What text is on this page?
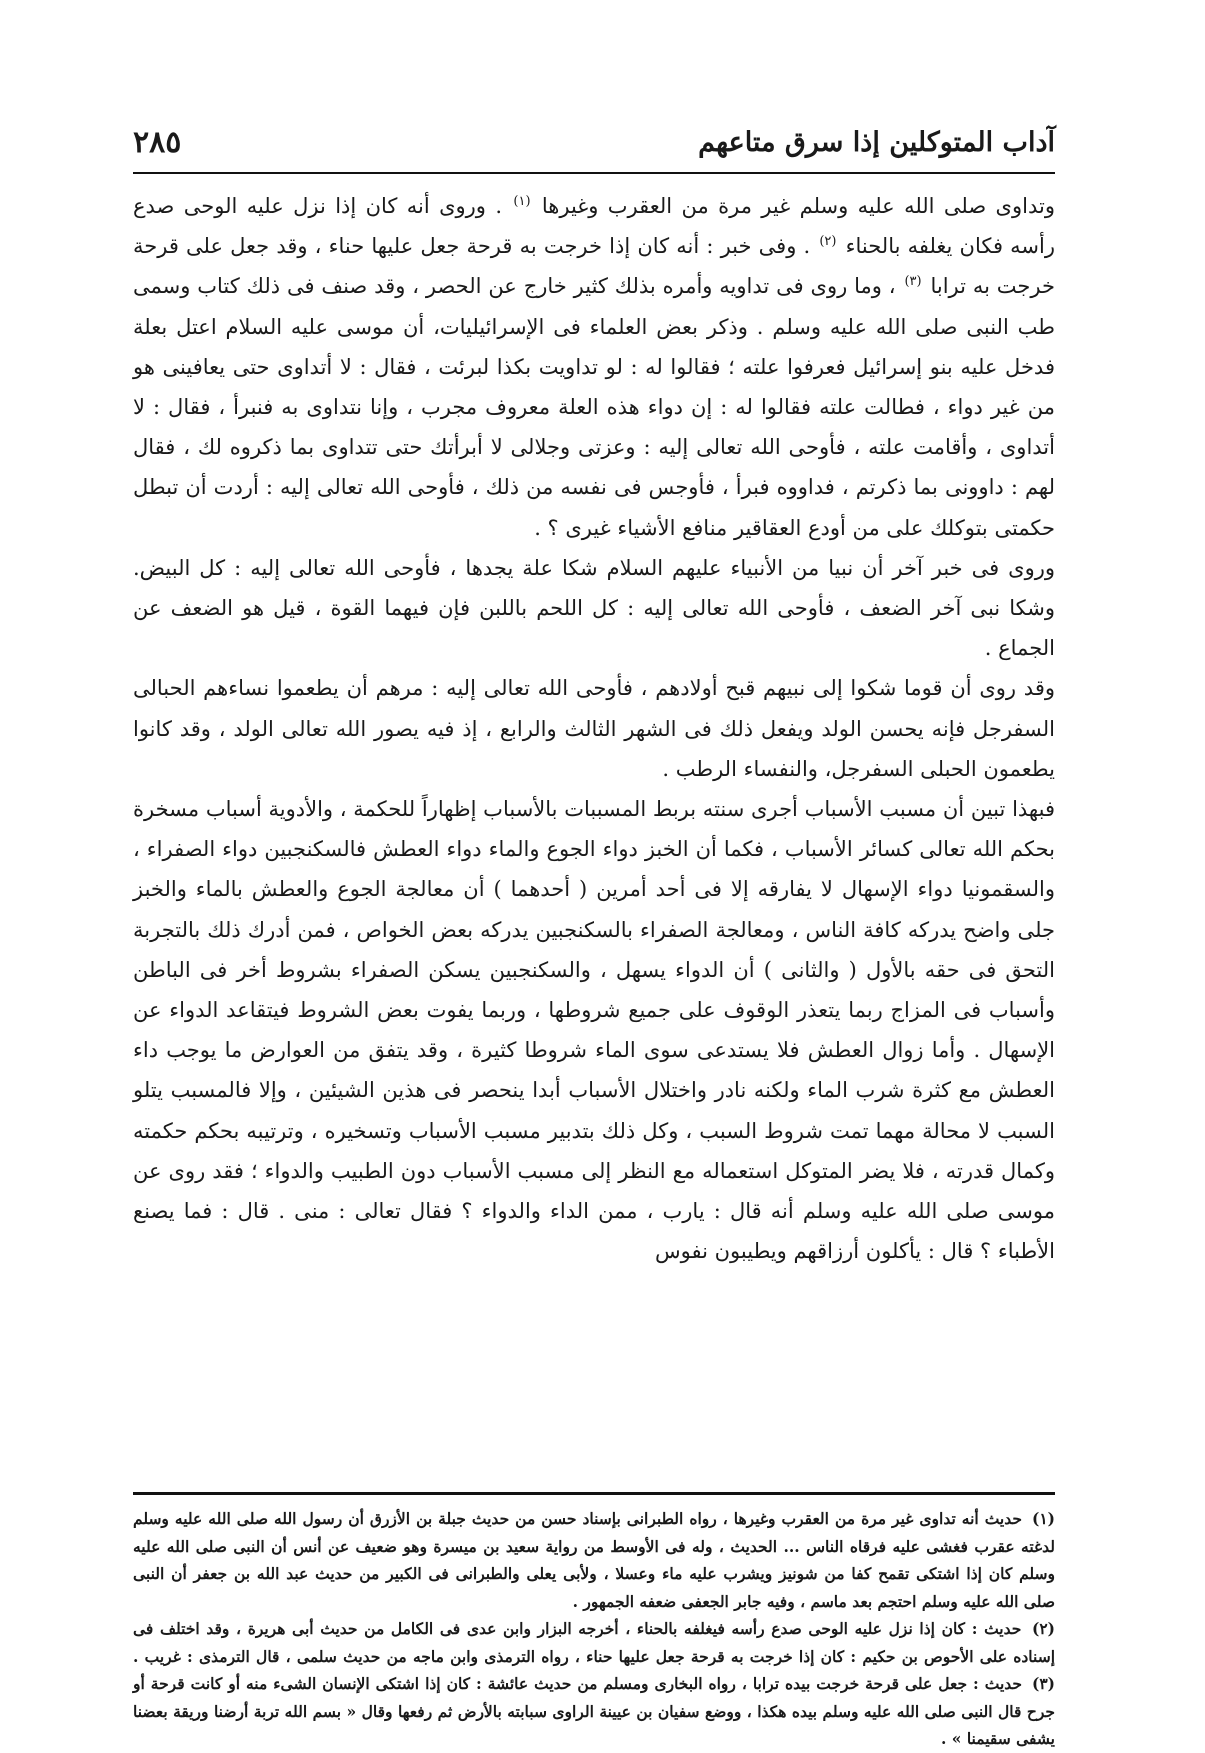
آداب المتوكلين إذا سرق متاعهم
٢٨٥

وتداوى صلى الله عليه وسلم غير مرة من العقرب وغيرها $^{(١)}$ . وروى أنه كان إذا نزل عليه الوحى صدع رأسه فكان يغلفه بالحناء $^{(٢)}$ . وفى خبر : أنه كان إذا خرجت به قرحة جعل عليها حناء ، وقد جعل على قرحة خرجت به ترابا $^{(٣)}$ ، وما روى فى تداويه وأمره بذلك كثير خارج عن الحصر ، وقد صنف فى ذلك كتاب وسمى طب النبى صلى الله عليه وسلم . وذكر بعض العلماء فى الإسرائيليات، أن موسى عليه السلام اعتل بعلة فدخل عليه بنو إسرائيل فعرفوا علته ؛ فقالوا له : لو تداويت بكذا لبرئت ، فقال : لا أتداوى حتى يعافينى هو من غير دواء ، فطالت علته فقالوا له : إن دواء هذه العلة معروف مجرب ، وإنا نتداوى به فنبرأ ، فقال : لا أتداوى ، وأقامت علته ، فأوحى الله تعالى إليه : وعزتى وجلالى لا أبرأتك حتى تتداوى بما ذكروه لك ، فقال لهم : داوونى بما ذكرتم ، فداووه فبرأ ، فأوجس فى نفسه من ذلك ، فأوحى الله تعالى إليه : أردت أن تبطل حكمتى بتوكلك على من أودع العقاقير منافع الأشياء غيرى ؟ .

وروى فى خبر آخر أن نبيا من الأنبياء عليهم السلام شكا علة يجدها ، فأوحى الله تعالى إليه : كل البيض. وشكا نبى آخر الضعف ، فأوحى الله تعالى إليه : كل اللحم باللبن فإن فيهما القوة ، قيل هو الضعف عن الجماع .

وقد روى أن قوما شكوا إلى نبيهم قبح أولادهم ، فأوحى الله تعالى إليه : مرهم أن يطعموا نساءهم الحبالى السفرجل فإنه يحسن الولد ويفعل ذلك فى الشهر الثالث والرابع ، إذ فيه يصور الله تعالى الولد ، وقد كانوا يطعمون الحبلى السفرجل، والنفساء الرطب .

فبهذا تبين أن مسبب الأسباب أجرى سنته بربط المسببات بالأسباب إظهاراً للحكمة ، والأدوية أسباب مسخرة بحكم الله تعالى كسائر الأسباب ، فكما أن الخبز دواء الجوع والماء دواء العطش فالسكنجبين دواء الصفراء ، والسقمونيا دواء الإسهال لا يفارقه إلا فى أحد أمرين ( أحدهما ) أن معالجة الجوع والعطش بالماء والخبز جلى واضح يدركه كافة الناس ، ومعالجة الصفراء بالسكنجبين يدركه بعض الخواص ، فمن أدرك ذلك بالتجربة التحق فى حقه بالأول ( والثانى ) أن الدواء يسهل ، والسكنجبين يسكن الصفراء بشروط أخر فى الباطن وأسباب فى المزاج ربما يتعذر الوقوف على جميع شروطها ، وربما يفوت بعض الشروط فيتقاعد الدواء عن الإسهال . وأما زوال العطش فلا يستدعى سوى الماء شروطا كثيرة ، وقد يتفق من العوارض ما يوجب داء العطش مع كثرة شرب الماء ولكنه نادر واختلال الأسباب أبدا ينحصر فى هذين الشيئين ، وإلا فالمسبب يتلو السبب لا محالة مهما تمت شروط السبب ، وكل ذلك بتدبير مسبب الأسباب وتسخيره ، وترتيبه بحكم حكمته وكمال قدرته ، فلا يضر المتوكل استعماله مع النظر إلى مسبب الأسباب دون الطبيب والدواء ؛ فقد روى عن موسى صلى الله عليه وسلم أنه قال : يارب ، ممن الداء والدواء ؟ فقال تعالى : منى . قال : فما يصنع الأطباء ؟ قال : يأكلون أرزاقهم ويطيبون نفوس

(١) حديث أنه تداوى غير مرة من العقرب وغيرها ، رواه الطبرانى بإسناد حسن من حديث جبلة بن الأزرق أن رسول الله صلى الله عليه وسلم لدغته عقرب فغشى عليه فرقاه الناس ... الحديث ، وله فى الأوسط من رواية سعيد بن ميسرة وهو ضعيف عن أنس أن النبى صلى الله عليه وسلم كان إذا اشتكى تقمح كفا من شونيز ويشرب عليه ماء وعسلا ، ولأبى يعلى والطبرانى فى الكبير من حديث عبد الله بن جعفر أن النبى صلى الله عليه وسلم احتجم بعد ماسم ، وفيه جابر الجعفى ضعفه الجمهور .

(٢) حديث : كان إذا نزل عليه الوحى صدع رأسه فيغلفه بالحناء ، أخرجه البزار وابن عدى فى الكامل من حديث أبى هريرة ، وقد اختلف فى إسناده على الأحوص بن حكيم : كان إذا خرجت به قرحة جعل عليها حناء ، رواه الترمذى وابن ماجه من حديث سلمى ، قال الترمذى : غريب . (٣) حديث : جعل على قرحة خرجت بيده ترابا ، رواه البخارى ومسلم من حديث عائشة : كان إذا اشتكى الإنسان الشىء منه أو كانت قرحة أو جرح قال النبى صلى الله عليه وسلم بيده هكذا ، ووضع سفيان بن عيينة الراوى سبابته بالأرض ثم رفعها وقال « بسم الله تربة أرضنا وريقة بعضنا يشفى سقيمنا » .
